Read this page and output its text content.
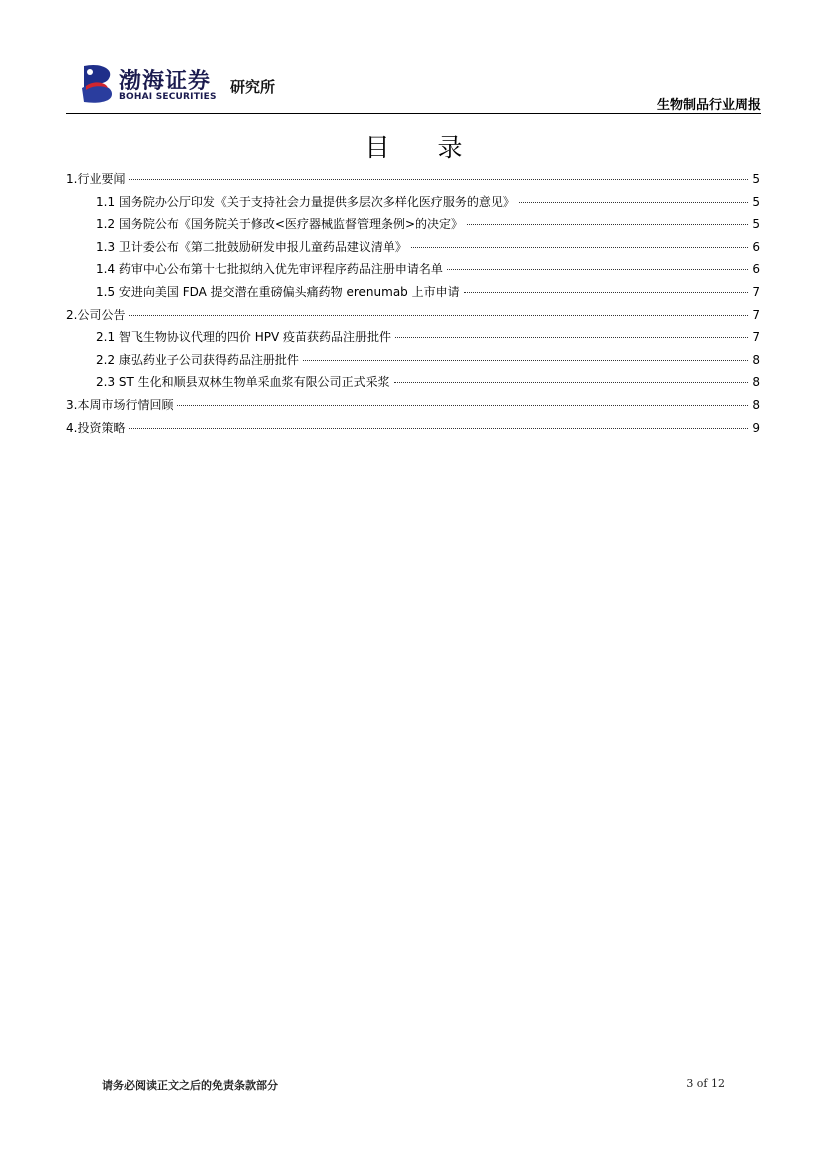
渤海证券
BOHAI SECURITIES
研究所
生物制品行业周报
目 录
1.行业要闻	5
1.1 国务院办公厅印发《关于支持社会力量提供多层次多样化医疗服务的意见》	5
1.2 国务院公布《国务院关于修改<医疗器械监督管理条例>的决定》	5
1.3 卫计委公布《第二批鼓励研发申报儿童药品建议清单》	6
1.4 药审中心公布第十七批拟纳入优先审评程序药品注册申请名单	6
1.5 安进向美国 FDA 提交潜在重磅偏头痛药物 erenumab 上市申请	7
2.公司公告	7
2.1 智飞生物协议代理的四价 HPV 疫苗获药品注册批件	7
2.2 康弘药业子公司获得药品注册批件	8
2.3 ST 生化和顺县双林生物单采血浆有限公司正式采浆	8
3.本周市场行情回顾	8
4.投资策略	9
请务必阅读正文之后的免责条款部分	3 of 12
